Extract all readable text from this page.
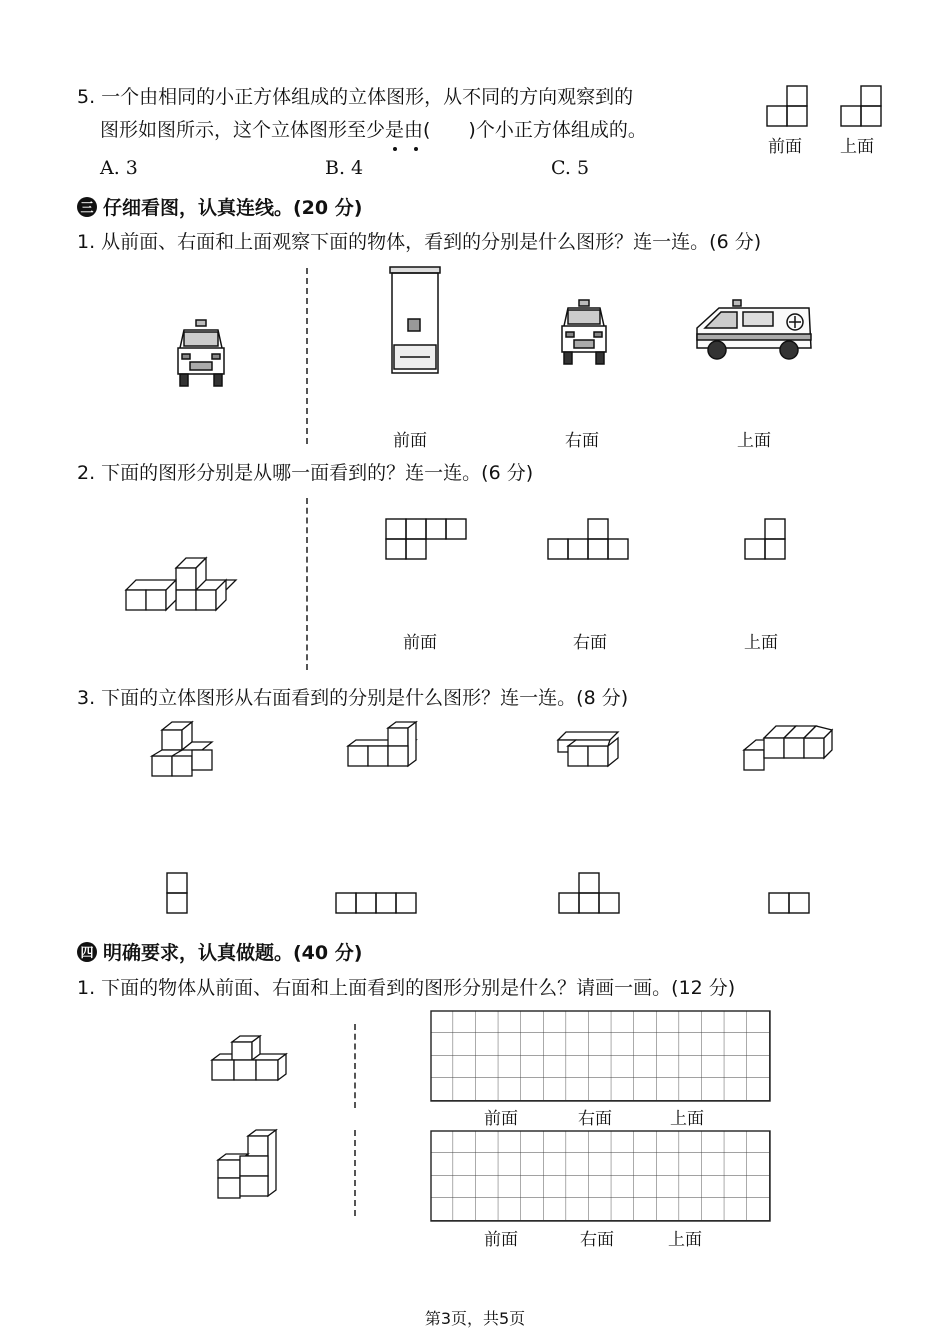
5. 一个由相同的小正方体组成的立体图形，从不同的方向观察到的
图形如图所示，这个立体图形至少是由(　　)个小正方体组成的。
A. 3	B. 4	C. 5
前面 上面
三 仔细看图，认真连线。(20 分)
1. 从前面、右面和上面观察下面的物体，看到的分别是什么图形？连一连。(6 分)
前面	右面	上面
2. 下面的图形分别是从哪一面看到的？连一连。(6 分)
前面	右面	上面
3. 下面的立体图形从右面看到的分别是什么图形？连一连。(8 分)
四 明确要求，认真做题。(40 分)
1. 下面的物体从前面、右面和上面看到的图形分别是什么？请画一画。(12 分)
前面	右面	上面
前面	右面	上面
第3页，共5页
